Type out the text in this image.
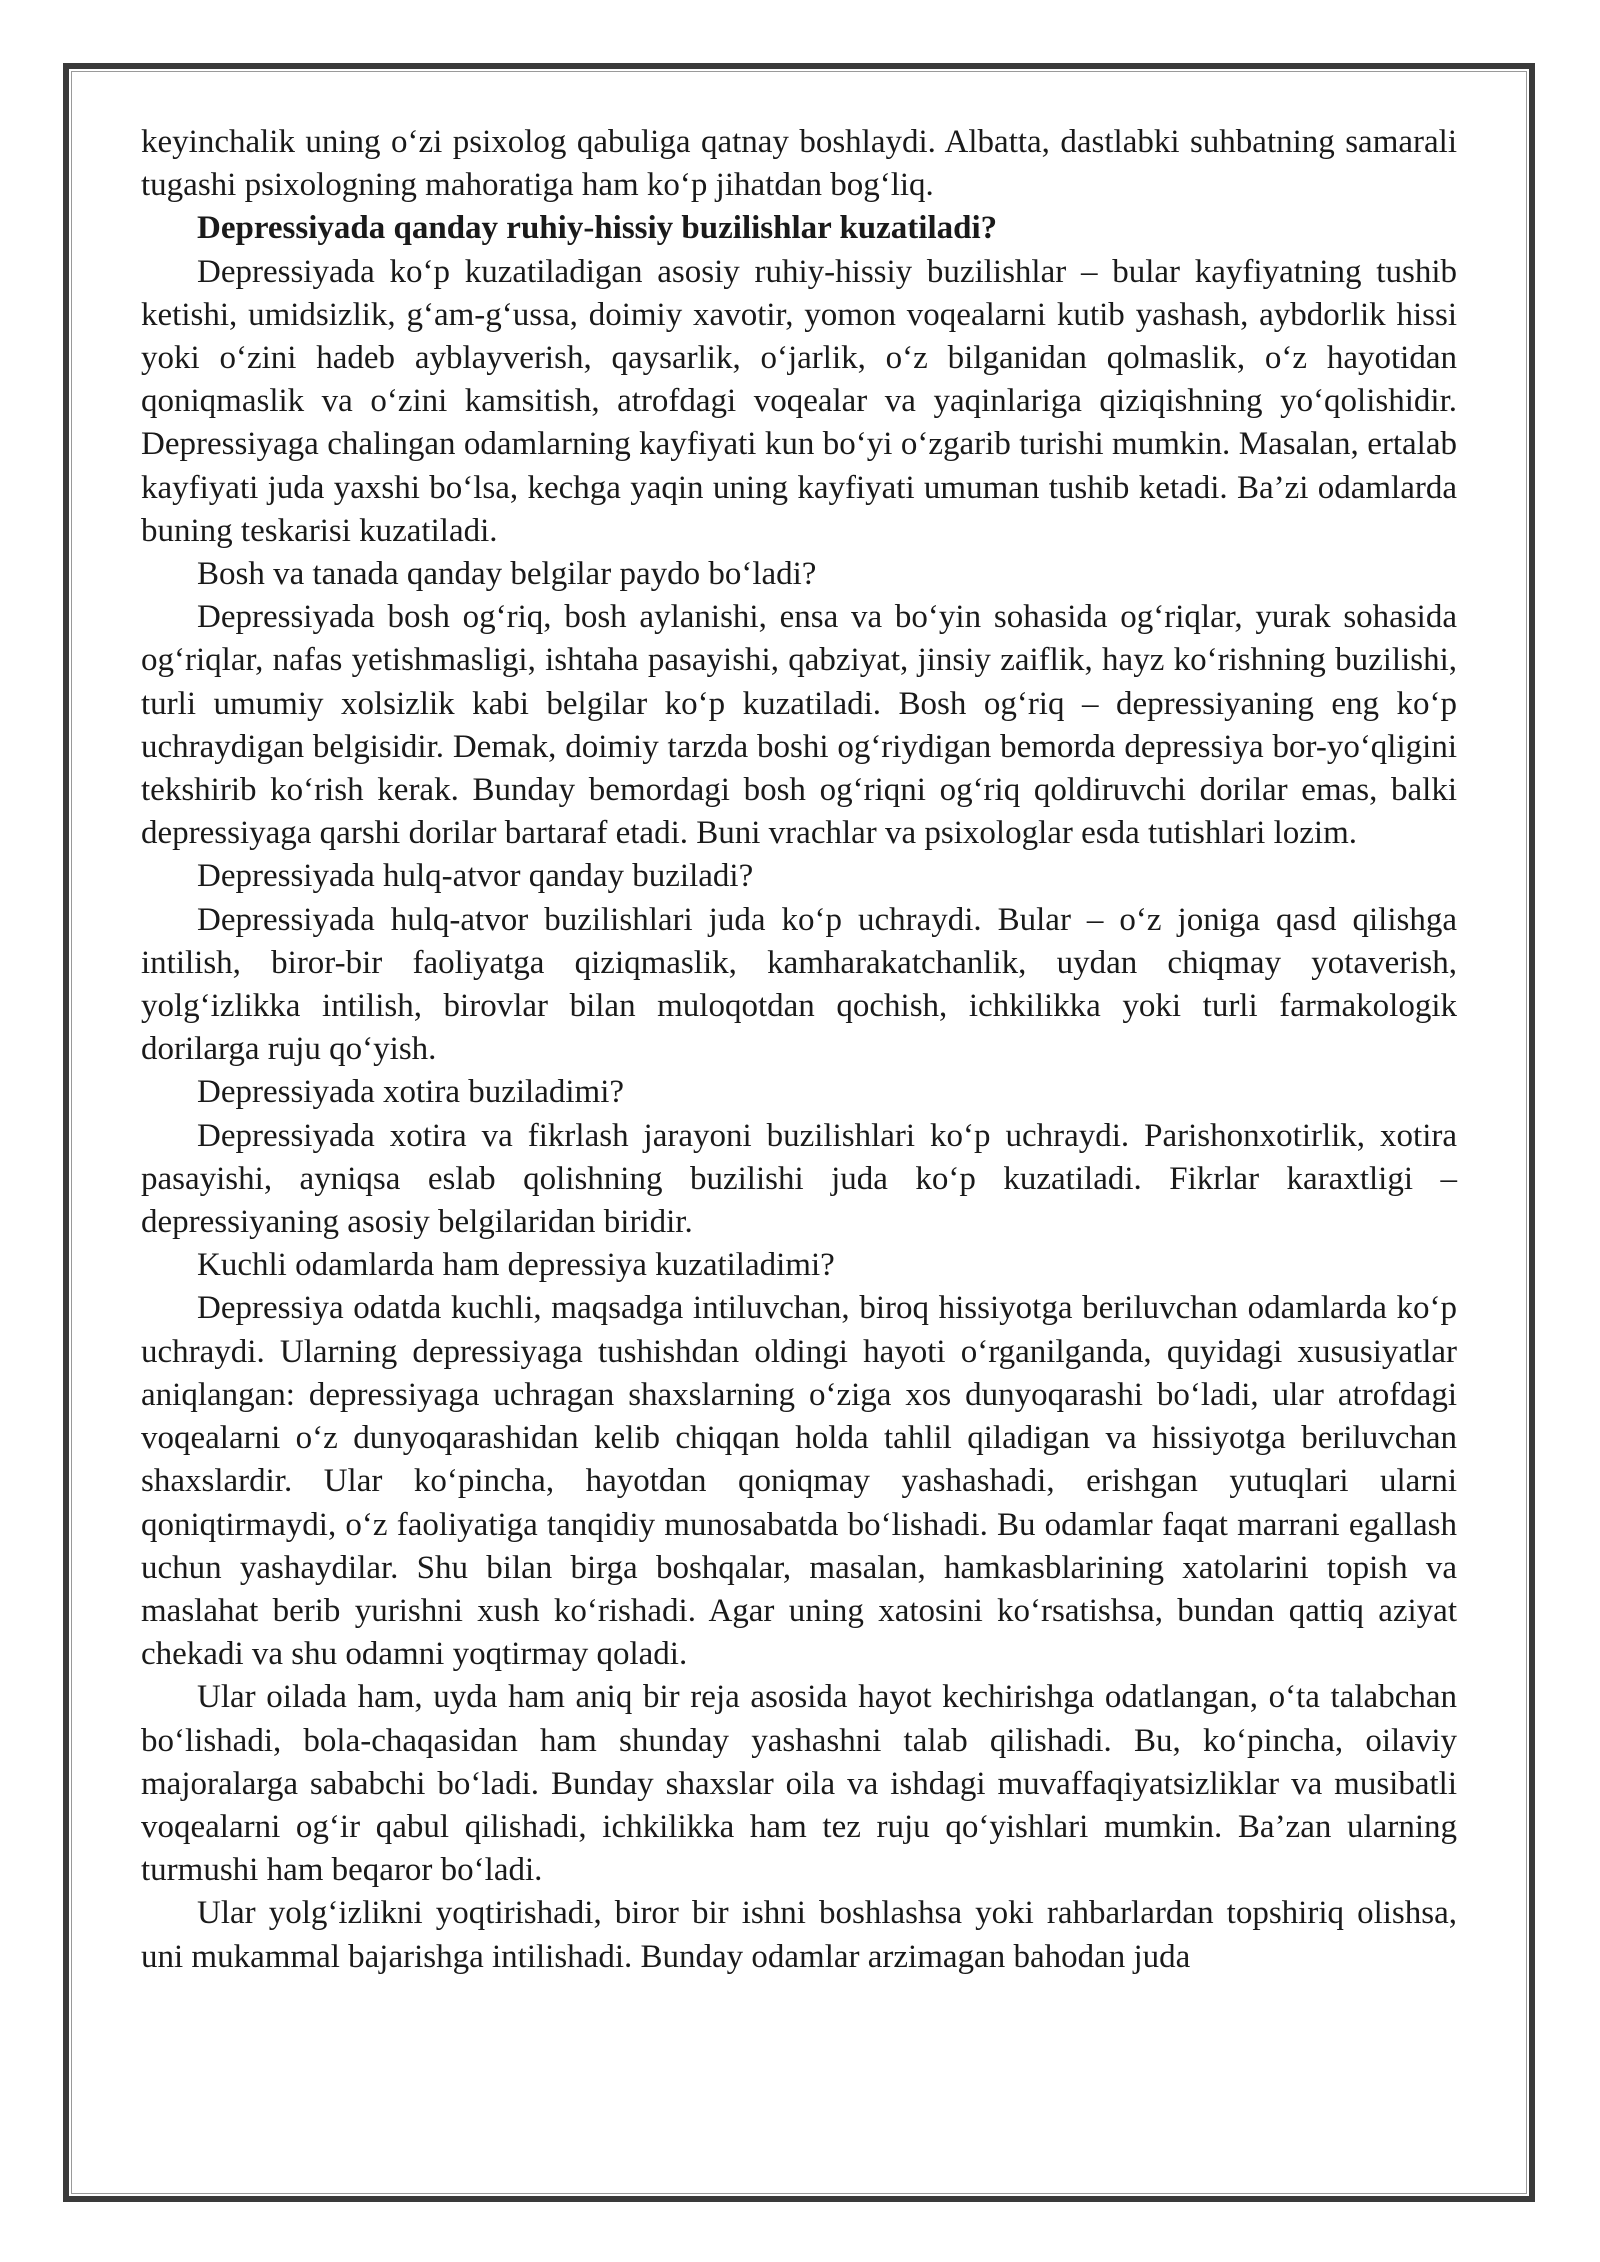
keyinchalik uning o‘zi psixolog qabuliga qatnay boshlaydi. Albatta, dastlabki suhbatning samarali tugashi psixologning mahoratiga ham ko‘p jihatdan bog‘liq.

Depressiyada qanday ruhiy-hissiy buzilishlar kuzatiladi?

Depressiyada ko‘p kuzatiladigan asosiy ruhiy-hissiy buzilishlar – bular kayfiyatning tushib ketishi, umidsizlik, g‘am-g‘ussa, doimiy xavotir, yomon voqealarni kutib yashash, aybdorlik hissi yoki o‘zini hadeb ayblayverish, qaysarlik, o‘jarlik, o‘z bilganidan qolmaslik, o‘z hayotidan qoniqmaslik va o‘zini kamsitish, atrofdagi voqealar va yaqinlariga qiziqishning yo‘qolishidir. Depressiyaga chalingan odamlarning kayfiyati kun bo‘yi o‘zgarib turishi mumkin. Masalan, ertalab kayfiyati juda yaxshi bo‘lsa, kechga yaqin uning kayfiyati umuman tushib ketadi. Ba’zi odamlarda buning teskarisi kuzatiladi.

Bosh va tanada qanday belgilar paydo bo‘ladi?

Depressiyada bosh og‘riq, bosh aylanishi, ensa va bo‘yin sohasida og‘riqlar, yurak sohasida og‘riqlar, nafas yetishmasligi, ishtaha pasayishi, qabziyat, jinsiy zaiflik, hayz ko‘rishning buzilishi, turli umumiy xolsizlik kabi belgilar ko‘p kuzatiladi. Bosh og‘riq – depressiyaning eng ko‘p uchraydigan belgisidir. Demak, doimiy tarzda boshi og‘riydigan bemorda depressiya bor-yo‘qligini tekshirib ko‘rish kerak. Bunday bemordagi bosh og‘riqni og‘riq qoldiruvchi dorilar emas, balki depressiyaga qarshi dorilar bartaraf etadi. Buni vrachlar va psixologlar esda tutishlari lozim.

Depressiyada hulq-atvor qanday buziladi?

Depressiyada hulq-atvor buzilishlari juda ko‘p uchraydi. Bular – o‘z joniga qasd qilishga intilish, biror-bir faoliyatga qiziqmaslik, kamharakatchanlik, uydan chiqmay yotaverish, yolg‘izlikka intilish, birovlar bilan muloqotdan qochish, ichkilikka yoki turli farmakologik dorilarga ruju qo‘yish.

Depressiyada xotira buziladimi?

Depressiyada xotira va fikrlash jarayoni buzilishlari ko‘p uchraydi. Parishonxotirlik, xotira pasayishi, ayniqsa eslab qolishning buzilishi juda ko‘p kuzatiladi. Fikrlar karaxtligi – depressiyaning asosiy belgilaridan biridir.

Kuchli odamlarda ham depressiya kuzatiladimi?

Depressiya odatda kuchli, maqsadga intiluvchan, biroq hissiyotga beriluvchan odamlarda ko‘p uchraydi. Ularning depressiyaga tushishdan oldingi hayoti o‘rganilganda, quyidagi xususiyatlar aniqlangan: depressiyaga uchragan shaxslarning o‘ziga xos dunyoqarashi bo‘ladi, ular atrofdagi voqealarni o‘z dunyoqarashidan kelib chiqqan holda tahlil qiladigan va hissiyotga beriluvchan shaxslardir. Ular ko‘pincha, hayotdan qoniqmay yashashadi, erishgan yutuqlari ularni qoniqtirmaydi, o‘z faoliyatiga tanqidiy munosabatda bo‘lishadi. Bu odamlar faqat marrani egallash uchun yashaydilar. Shu bilan birga boshqalar, masalan, hamkasblarining xatolarini topish va maslahat berib yurishni xush ko‘rishadi. Agar uning xatosini ko‘rsatishsa, bundan qattiq aziyat chekadi va shu odamni yoqtirmay qoladi.

Ular oilada ham, uyda ham aniq bir reja asosida hayot kechirishga odatlangan, o‘ta talabchan bo‘lishadi, bola-chaqasidan ham shunday yashashni talab qilishadi. Bu, ko‘pincha, oilaviy majoralarga sababchi bo‘ladi. Bunday shaxslar oila va ishdagi muvaffaqiyatsizliklar va musibatli voqealarni og‘ir qabul qilishadi, ichkilikka ham tez ruju qo‘yishlari mumkin. Ba’zan ularning turmushi ham beqaror bo‘ladi.

Ular yolg‘izlikni yoqtirishadi, biror bir ishni boshlashsa yoki rahbarlardan topshiriq olishsa, uni mukammal bajarishga intilishadi. Bunday odamlar arzimagan bahodan juda
